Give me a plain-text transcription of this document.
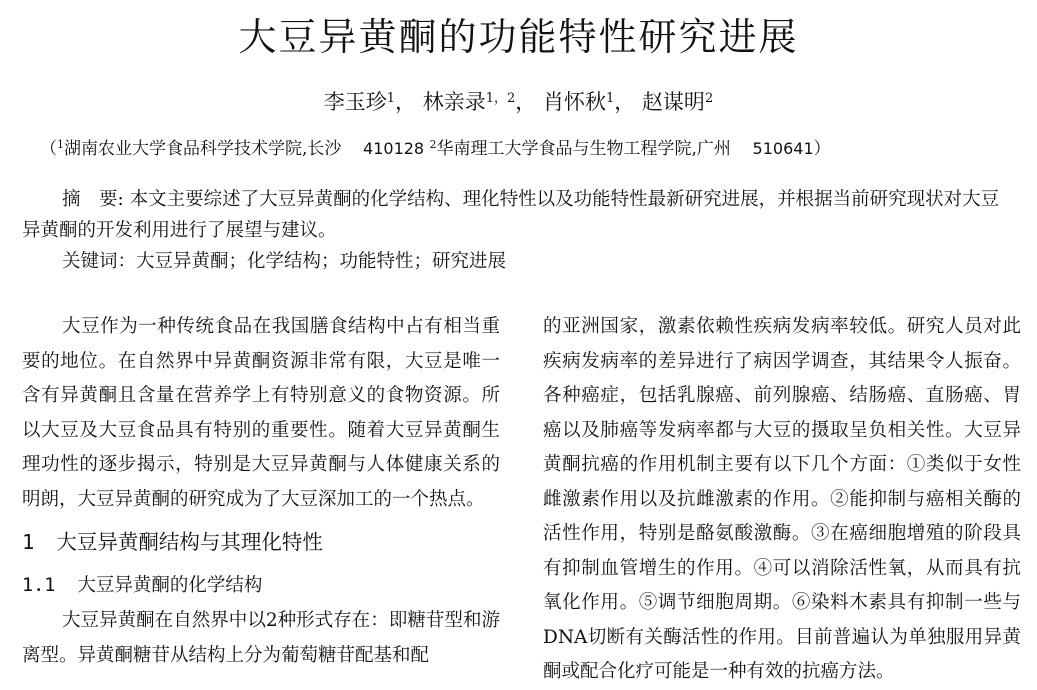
大豆异黄酮的功能特性研究进展
李玉珍$^1$， 林亲录$^{1,2}$， 肖怀秋$^1$， 赵谋明$^2$
（$^1$湖南农业大学食品科学技术学院,长沙 410128 $^2$华南理工大学食品与生物工程学院,广州 510641）

摘　要: 本文主要综述了大豆异黄酮的化学结构、理化特性以及功能特性最新研究进展，并根据当前研究现状对大豆异黄酮的开发利用进行了展望与建议。

关键词：大豆异黄酮；化学结构；功能特性；研究进展

大豆作为一种传统食品在我国膳食结构中占有相当重要的地位。在自然界中异黄酮资源非常有限，大豆是唯一含有异黄酮且含量在营养学上有特别意义的食物资源。所以大豆及大豆食品具有特别的重要性。随着大豆异黄酮生理功性的逐步揭示，特别是大豆异黄酮与人体健康关系的明朗，大豆异黄酮的研究成为了大豆深加工的一个热点。

1 大豆异黄酮结构与其理化特性

1.1 大豆异黄酮的化学结构

大豆异黄酮在自然界中以2种形式存在：即糖苷型和游离型。异黄酮糖苷从结构上分为葡萄糖苷配基和配

的亚洲国家，激素依赖性疾病发病率较低。研究人员对此疾病发病率的差异进行了病因学调查，其结果令人振奋。各种癌症，包括乳腺癌、前列腺癌、结肠癌、直肠癌、胃癌以及肺癌等发病率都与大豆的摄取呈负相关性。大豆异黄酮抗癌的作用机制主要有以下几个方面：①类似于女性雌激素作用以及抗雌激素的作用。②能抑制与癌相关酶的活性作用，特别是酪氨酸激酶。③在癌细胞增殖的阶段具有抑制血管增生的作用。④可以消除活性氧，从而具有抗氧化作用。⑤调节细胞周期。⑥染料木素具有抑制一些与DNA切断有关酶活性的作用。目前普遍认为单独服用异黄酮或配合化疗可能是一种有效的抗癌方法。
